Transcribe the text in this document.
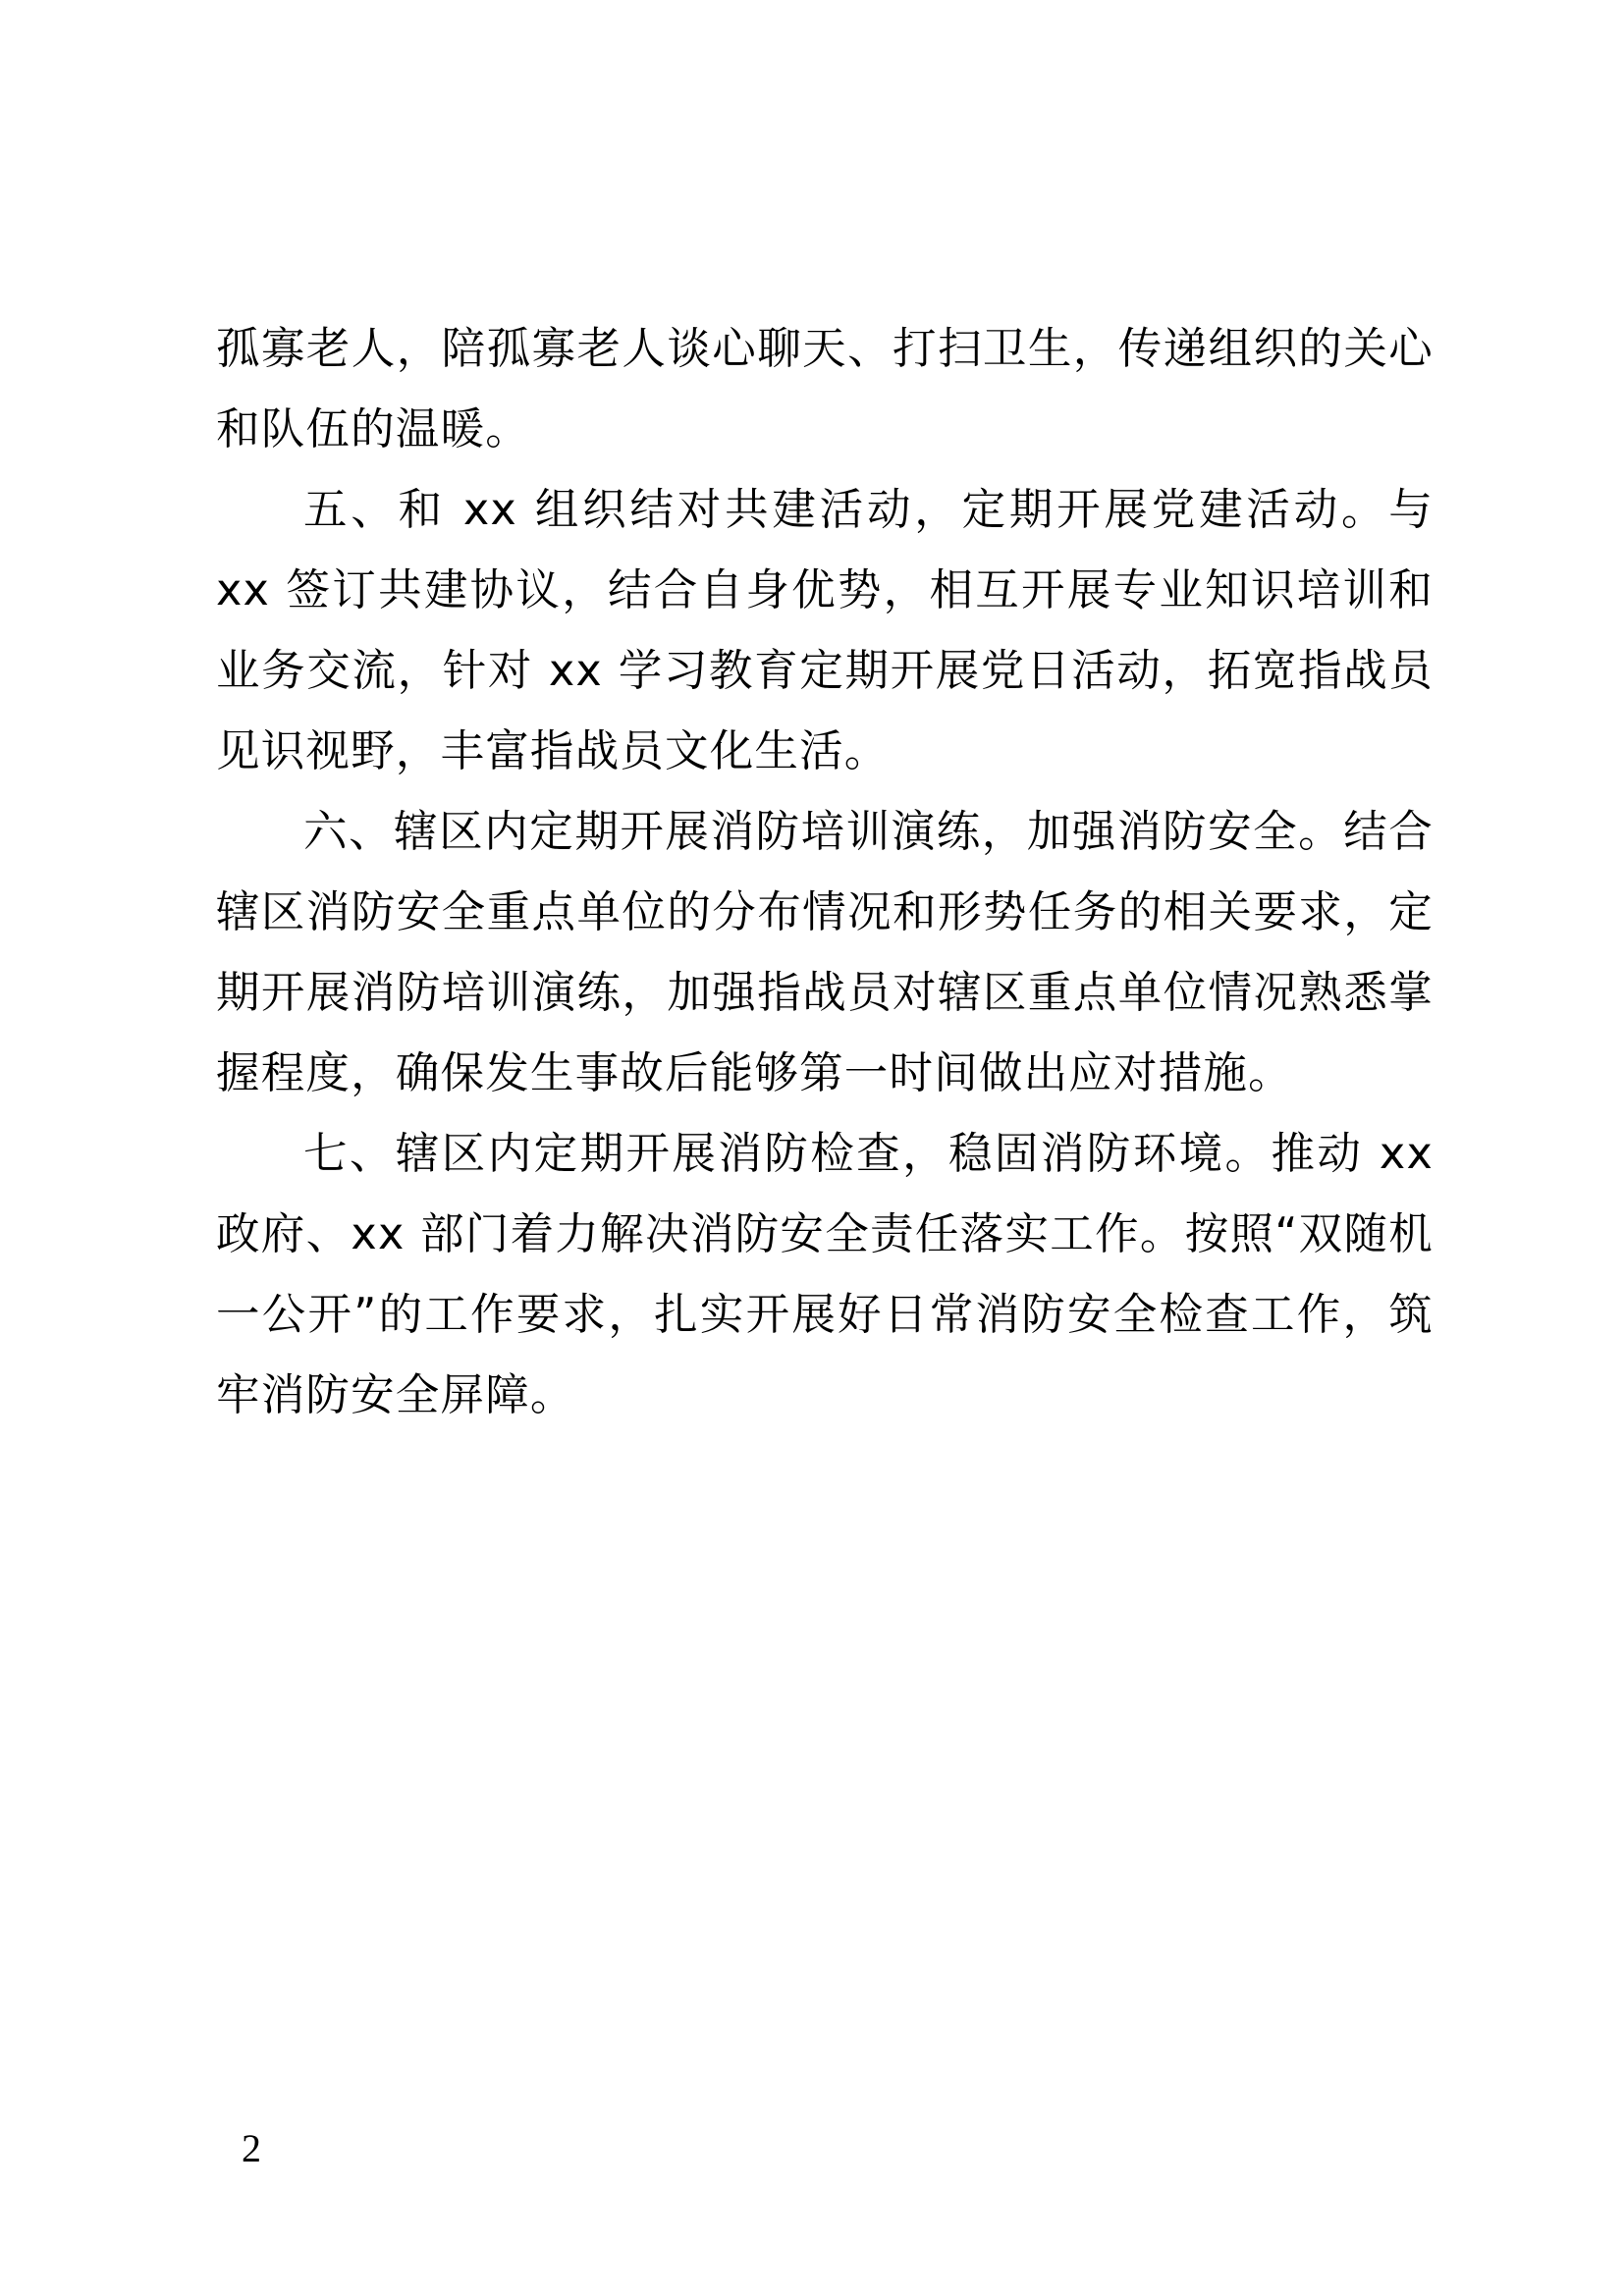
孤寡老人，陪孤寡老人谈心聊天、打扫卫生，传递组织的关心和队伍的温暖。

五、和 xx 组织结对共建活动，定期开展党建活动。与 xx 签订共建协议，结合自身优势，相互开展专业知识培训和业务交流，针对 xx 学习教育定期开展党日活动，拓宽指战员见识视野，丰富指战员文化生活。

六、辖区内定期开展消防培训演练，加强消防安全。结合辖区消防安全重点单位的分布情况和形势任务的相关要求，定期开展消防培训演练，加强指战员对辖区重点单位情况熟悉掌握程度，确保发生事故后能够第一时间做出应对措施。

七、辖区内定期开展消防检查，稳固消防环境。推动 xx 政府、xx 部门着力解决消防安全责任落实工作。按照“双随机一公开”的工作要求，扎实开展好日常消防安全检查工作，筑牢消防安全屏障。

2
